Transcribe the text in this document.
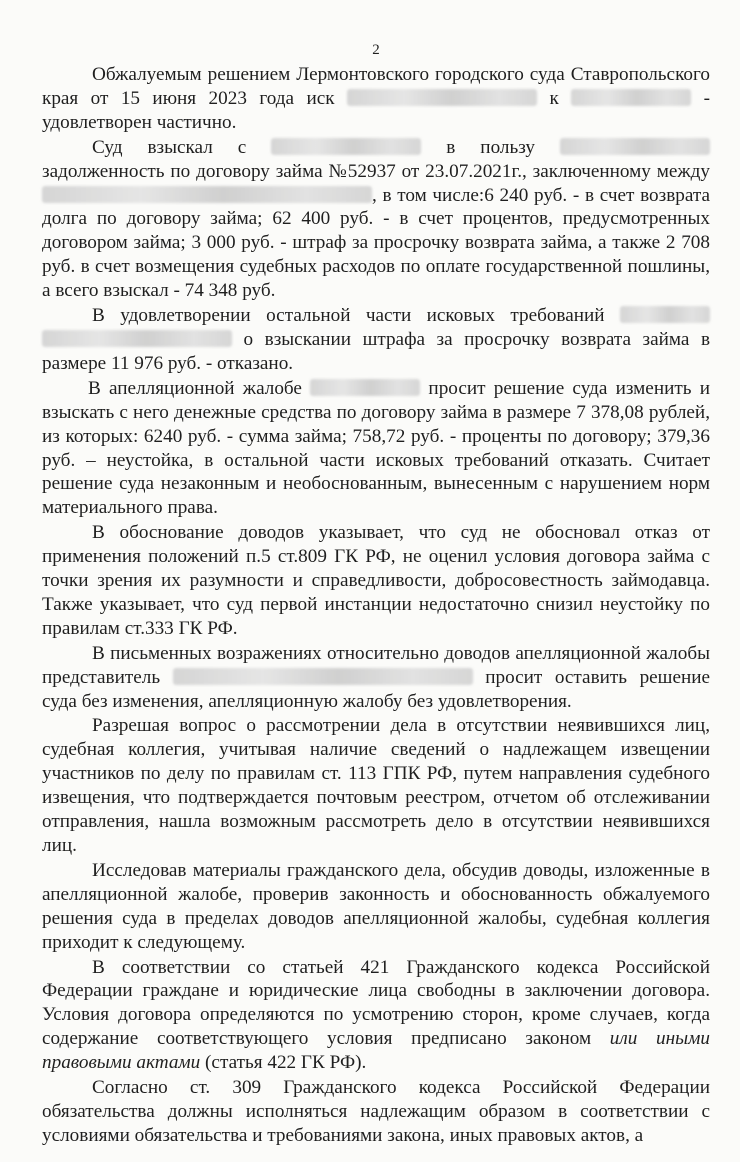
2

Обжалуемым решением Лермонтовского городского суда Ставропольского края от 15 июня 2023 года иск	к	- удовлетворен частично.

Суд взыскал с	в пользу  задолженность по договору займа №52937 от 23.07.2021г., заключенному между , в том числе:6 240 руб. - в счет возврата долга по договору займа; 62 400 руб. - в счет процентов, предусмотренных договором займа; 3 000 руб. - штраф за просрочку возврата займа, а также 2 708 руб. в счет возмещения судебных расходов по оплате государственной пошлины, а всего взыскал - 74 348 руб.

В удовлетворении остальной части исковых требований   о взыскании штрафа за просрочку возврата займа в размере 11 976 руб. - отказано.

В апелляционной жалобе	просит решение суда изменить и взыскать с него денежные средства по договору займа в размере 7 378,08 рублей, из которых: 6240 руб. - сумма займа; 758,72 руб. - проценты по договору; 379,36 руб. – неустойка, в остальной части исковых требований отказать. Считает решение суда незаконным и необоснованным, вынесенным с нарушением норм материального права.

В обоснование доводов указывает, что суд не обосновал отказ от применения положений п.5 ст.809 ГК РФ, не оценил условия договора займа с точки зрения их разумности и справедливости, добросовестность займодавца. Также указывает, что суд первой инстанции недостаточно снизил неустойку по правилам ст.333 ГК РФ.

В письменных возражениях относительно доводов апелляционной жалобы представитель	просит оставить решение суда без изменения, апелляционную жалобу без удовлетворения.

Разрешая вопрос о рассмотрении дела в отсутствии неявившихся лиц, судебная коллегия, учитывая наличие сведений о надлежащем извещении участников по делу по правилам ст. 113 ГПК РФ, путем направления судебного извещения, что подтверждается почтовым реестром, отчетом об отслеживании отправления, нашла возможным рассмотреть дело в отсутствии неявившихся лиц.

Исследовав материалы гражданского дела, обсудив доводы, изложенные в апелляционной жалобе, проверив законность и обоснованность обжалуемого решения суда в пределах доводов апелляционной жалобы, судебная коллегия приходит к следующему.

В соответствии со статьей 421 Гражданского кодекса Российской Федерации граждане и юридические лица свободны в заключении договора. Условия договора определяются по усмотрению сторон, кроме случаев, когда содержание соответствующего условия предписано законом или иными правовыми актами (статья 422 ГК РФ).

Согласно ст. 309 Гражданского кодекса Российской Федерации обязательства должны исполняться надлежащим образом в соответствии с условиями обязательства и требованиями закона, иных правовых актов, а
